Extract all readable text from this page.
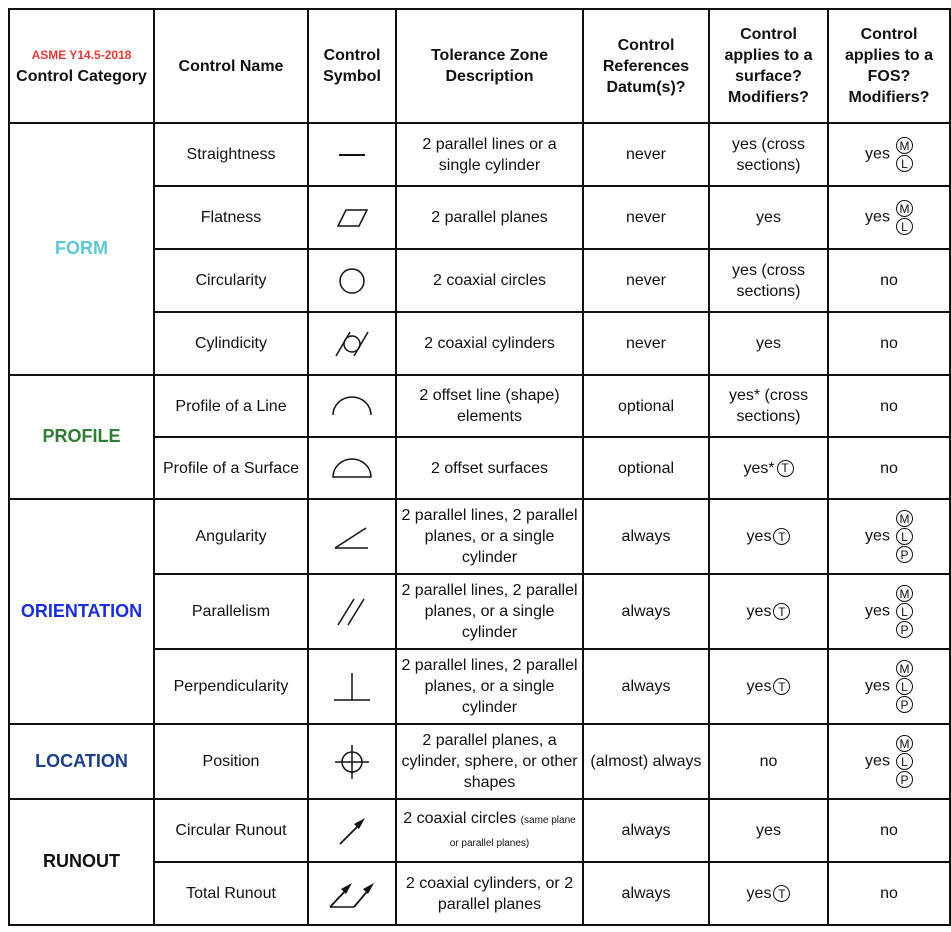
ASME Y14.5-2018
Control Category	Control Name	Control Symbol	Tolerance Zone Description	Control References Datum(s)?	Control applies to a surface? Modifiers?	Control applies to a FOS? Modifiers?
FORM	Straightness		2 parallel lines or a single cylinder	never	yes (cross sections)	yes $\frac{M}{L}$

	Flatness		2 parallel planes	never	yes	yes $\frac{M}{L}$

	Circularity		2 coaxial circles	never	yes (cross sections)	no
	Cylindicity		2 coaxial cylinders	never	yes	no
PROFILE	Profile of a Line		2 offset line (shape) elements	optional	yes* (cross sections)	no
	Profile of a Surface		2 offset surfaces	optional	yes* T	no
ORIENTATION	Angularity		2 parallel lines, 2 parallel planes, or a single cylinder	always	yes T	yes
M
L
P

	Parallelism		2 parallel lines, 2 parallel planes, or a single cylinder	always	yes T	yes
M
L
P

	Perpendicularity		2 parallel lines, 2 parallel planes, or a single cylinder	always	yes T	yes
M
L
P

LOCATION	Position		2 parallel planes, a cylinder, sphere, or other shapes	(almost) always	no	yes
M
L
P

RUNOUT	Circular Runout		2 coaxial circles (same plane or parallel planes)	always	yes	no
	Total Runout		2 coaxial cylinders, or 2 parallel planes	always	yes T	no
